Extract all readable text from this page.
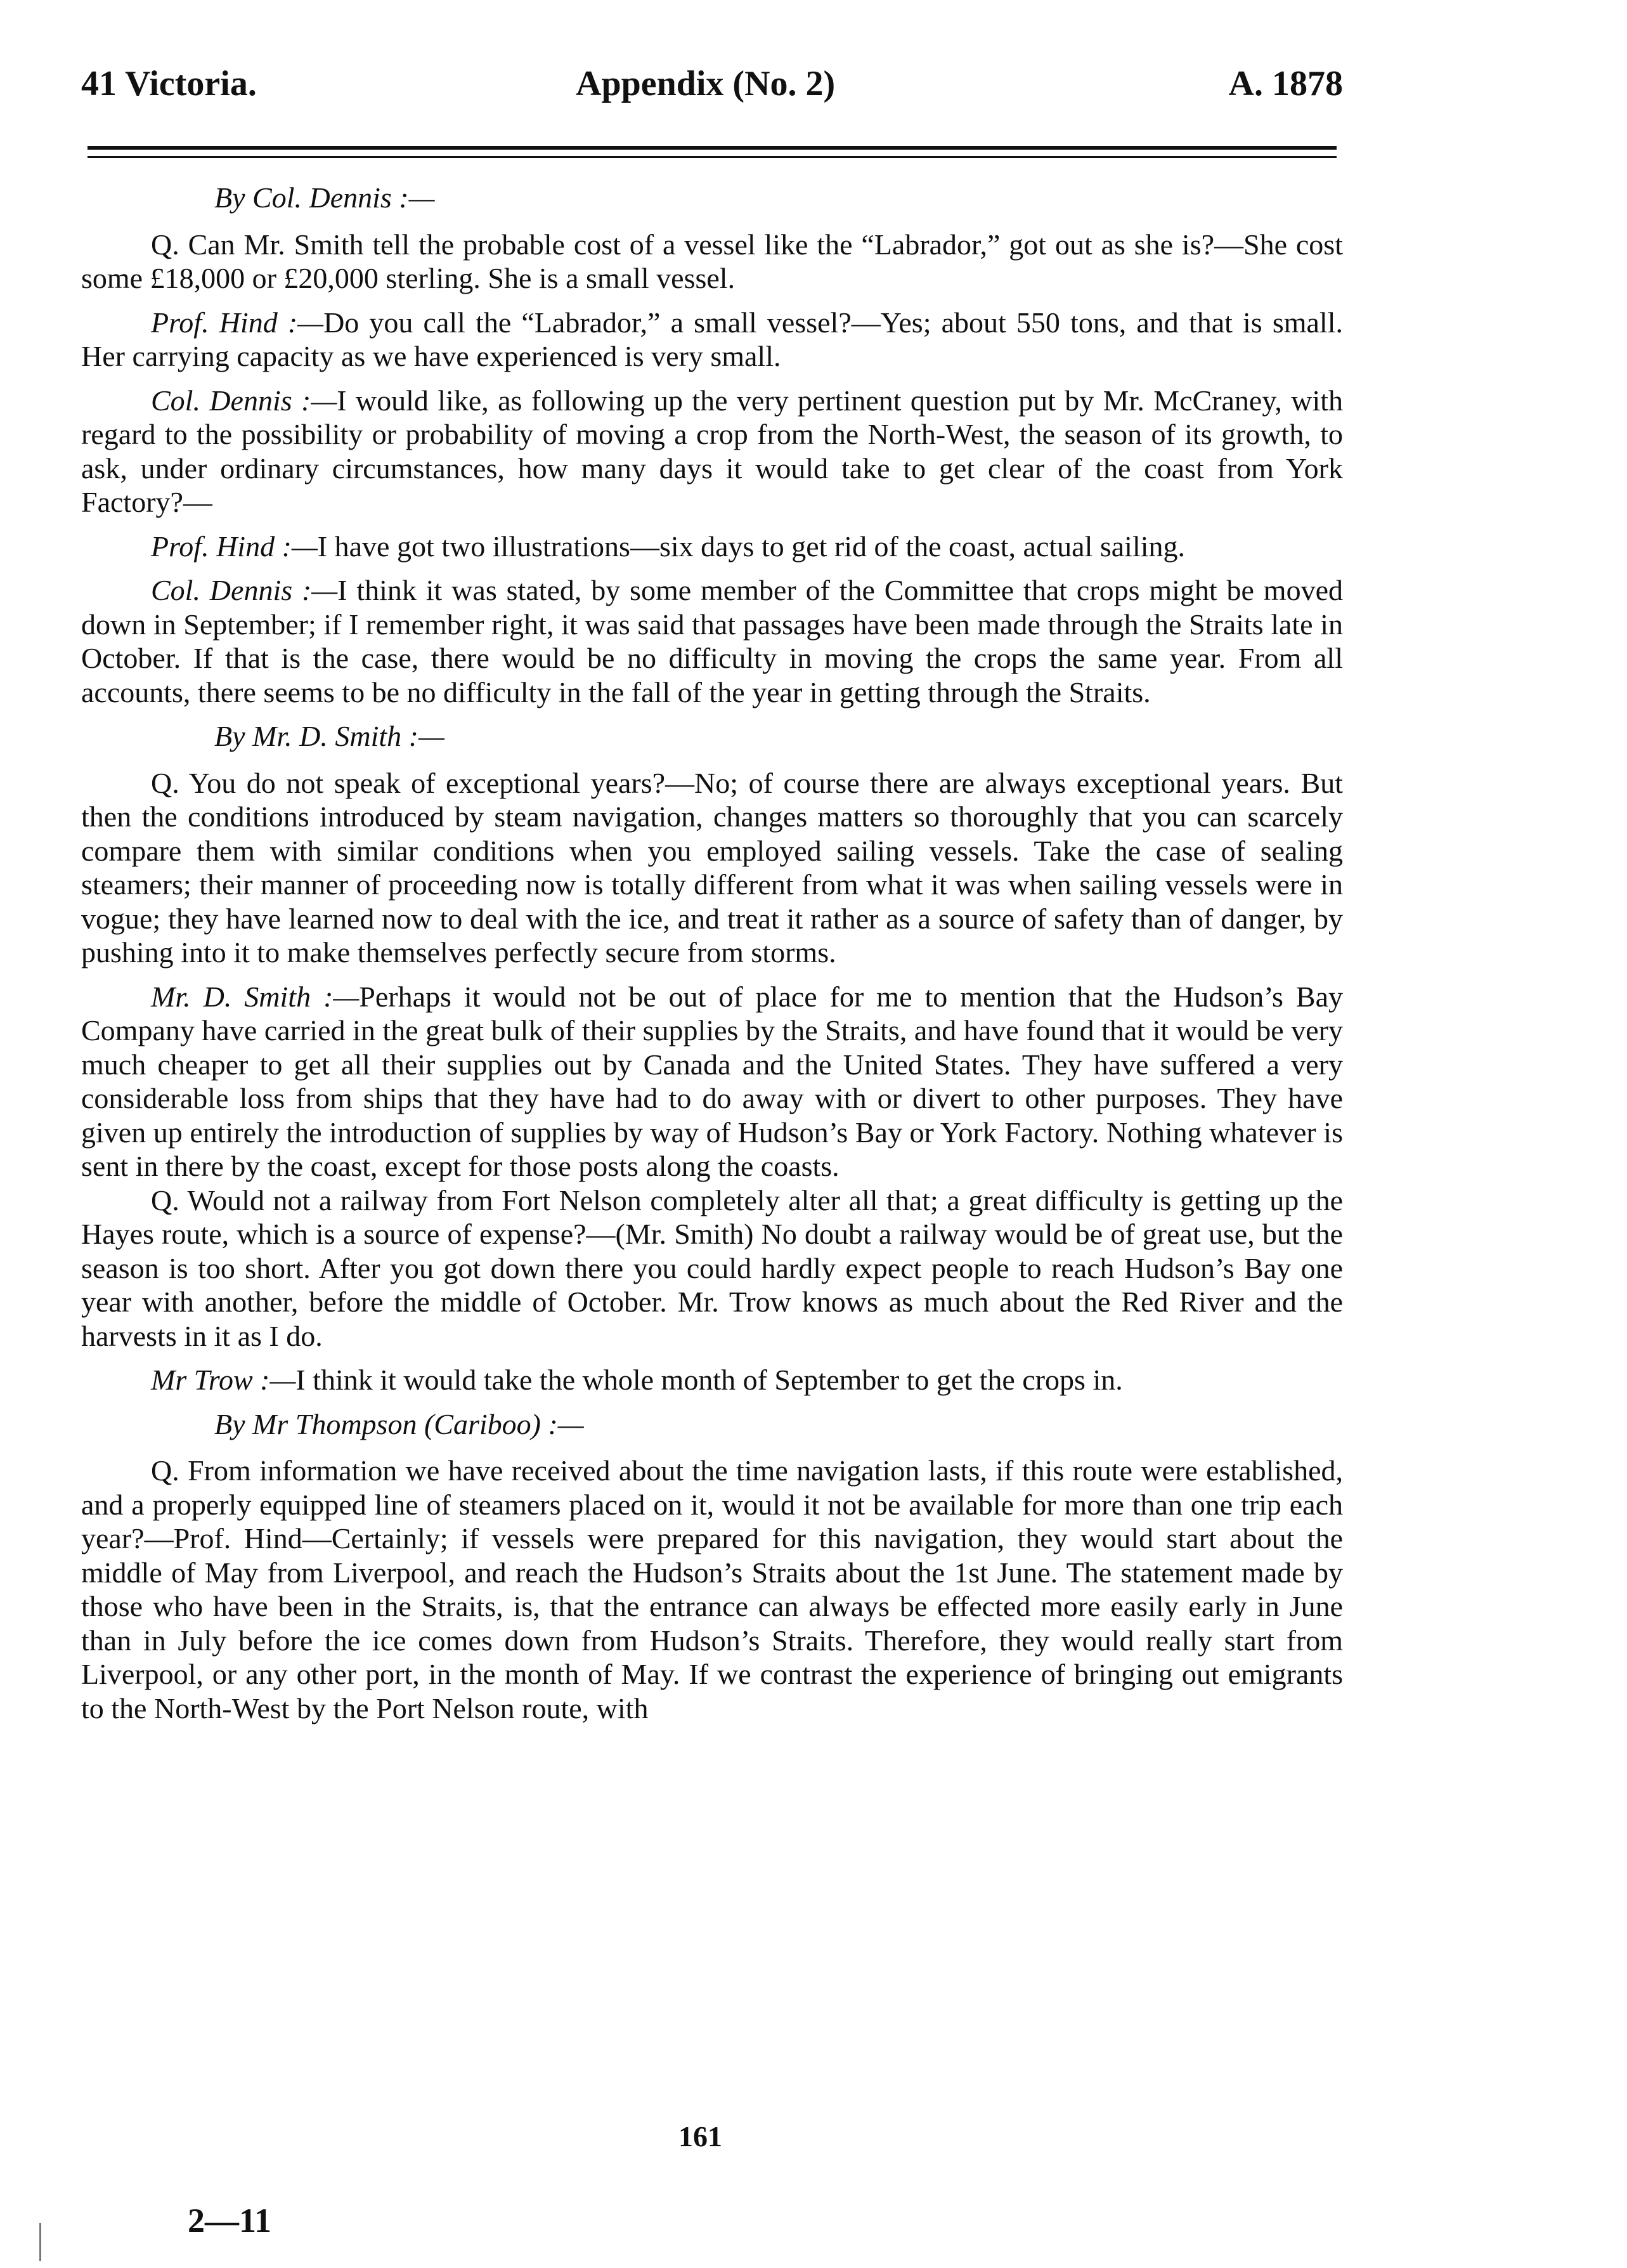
41 Victoria.	Appendix (No. 2)	A. 1878

By Col. Dennis :—

Q. Can Mr. Smith tell the probable cost of a vessel like the “Labrador,” got out as she is?—She cost some £18,000 or £20,000 sterling. She is a small vessel.

Prof. Hind :—Do you call the “Labrador,” a small vessel?—Yes; about 550 tons, and that is small. Her carrying capacity as we have experienced is very small.

Col. Dennis :—I would like, as following up the very pertinent question put by Mr. McCraney, with regard to the possibility or probability of moving a crop from the North-West, the season of its growth, to ask, under ordinary circumstances, how many days it would take to get clear of the coast from York Factory?—

Prof. Hind :—I have got two illustrations—six days to get rid of the coast, actual sailing.

Col. Dennis :—I think it was stated, by some member of the Committee that crops might be moved down in September; if I remember right, it was said that passages have been made through the Straits late in October. If that is the case, there would be no difficulty in moving the crops the same year. From all accounts, there seems to be no difficulty in the fall of the year in getting through the Straits.

By Mr. D. Smith :—

Q. You do not speak of exceptional years?—No; of course there are always exceptional years. But then the conditions introduced by steam navigation, changes matters so thoroughly that you can scarcely compare them with similar conditions when you employed sailing vessels. Take the case of sealing steamers; their manner of proceeding now is totally different from what it was when sailing vessels were in vogue; they have learned now to deal with the ice, and treat it rather as a source of safety than of danger, by pushing into it to make themselves perfectly secure from storms.

Mr. D. Smith :—Perhaps it would not be out of place for me to mention that the Hudson’s Bay Company have carried in the great bulk of their supplies by the Straits, and have found that it would be very much cheaper to get all their supplies out by Canada and the United States. They have suffered a very considerable loss from ships that they have had to do away with or divert to other purposes. They have given up entirely the introduction of supplies by way of Hudson’s Bay or York Factory. Nothing whatever is sent in there by the coast, except for those posts along the coasts.

Q. Would not a railway from Fort Nelson completely alter all that; a great difficulty is getting up the Hayes route, which is a source of expense?—(Mr. Smith) No doubt a railway would be of great use, but the season is too short. After you got down there you could hardly expect people to reach Hudson’s Bay one year with another, before the middle of October. Mr. Trow knows as much about the Red River and the harvests in it as I do.

Mr Trow :—I think it would take the whole month of September to get the crops in.

By Mr Thompson (Cariboo) :—

Q. From information we have received about the time navigation lasts, if this route were established, and a properly equipped line of steamers placed on it, would it not be available for more than one trip each year?—Prof. Hind—Certainly; if vessels were prepared for this navigation, they would start about the middle of May from Liverpool, and reach the Hudson’s Straits about the 1st June. The statement made by those who have been in the Straits, is, that the entrance can always be effected more easily early in June than in July before the ice comes down from Hudson’s Straits. Therefore, they would really start from Liverpool, or any other port, in the month of May. If we contrast the experience of bringing out emigrants to the North-West by the Port Nelson route, with

161
2—11
